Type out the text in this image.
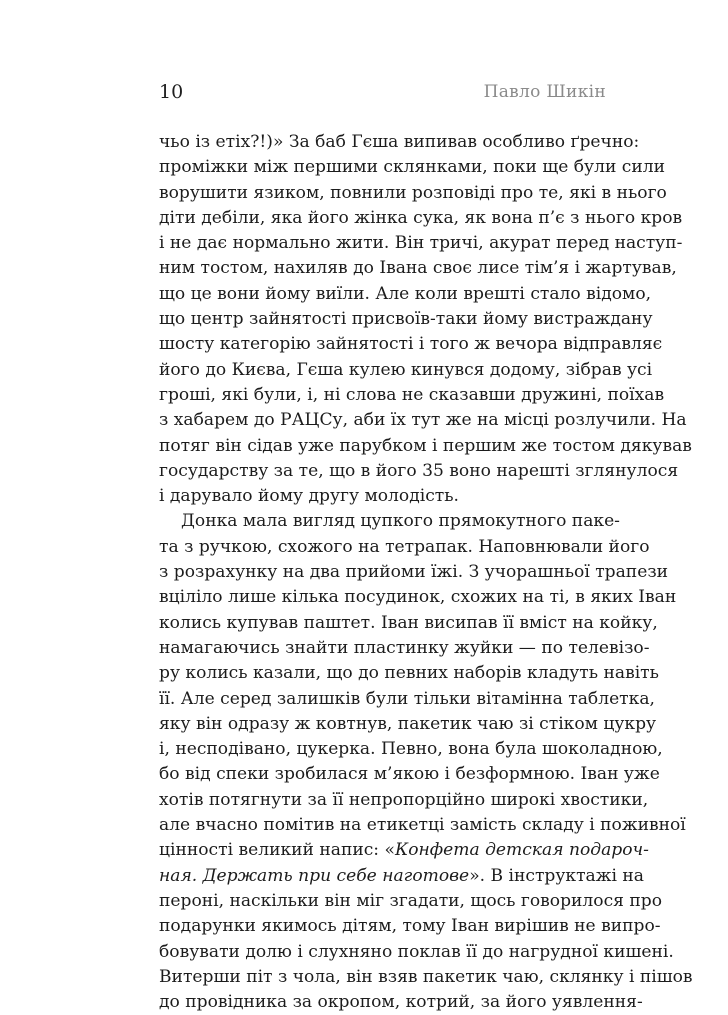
10	Павло Шикін
чьо із етіх?!)» За баб Гєша випивав особливо ґречно:
проміжки між першими склянками, поки ще були сили
ворушити язиком, повнили розповіді про те, які в нього
діти дебіли, яка його жінка сука, як вона п’є з нього кров
і не дає нормально жити. Він тричі, акурат перед наступ-
ним тостом, нахиляв до Івана своє лисе тім’я і жартував,
що це вони йому виїли. Але коли врешті стало відомо,
що центр зайнятості присвоїв-таки йому вистраждану
шосту категорію зайнятості і того ж вечора відправляє
його до Києва, Гєша кулею кинувся додому, зібрав усі
гроші, які були, і, ні слова не сказавши дружині, поїхав
з хабарем до РАЦСу, аби їх тут же на місці розлучили. На
потяг він сідав уже парубком і першим же тостом дякував
государству за те, що в його 35 воно нарешті зглянулося
і дарувало йому другу молодість.
Донка мала вигляд цупкого прямокутного паке-
та з ручкою, схожого на тетрапак. Наповнювали його
з розрахунку на два прийоми їжі. З учорашньої трапези
вціліло лише кілька посудинок, схожих на ті, в яких Іван
колись купував паштет. Іван висипав її вміст на койку,
намагаючись знайти пластинку жуйки — по телевізо-
ру колись казали, що до певних наборів кладуть навіть
її. Але серед залишків були тільки вітамінна таблетка,
яку він одразу ж ковтнув, пакетик чаю зі стіком цукру
і, несподівано, цукерка. Певно, вона була шоколадною,
бо від спеки зробилася м’якою і безформною. Іван уже
хотів потягнути за її непропорційно широкі хвостики,
але вчасно помітив на етикетці замість складу і поживної
цінності великий напис: «Конфета детская подароч-
ная. Держать при себе наготове». В інструктажі на
пероні, наскільки він міг згадати, щось говорилося про
подарунки якимось дітям, тому Іван вирішив не випро-
бовувати долю і слухняно поклав її до нагрудної кишені.
Витерши піт з чола, він взяв пакетик чаю, склянку і пішов
до провідника за окропом, котрий, за його уявлення-
